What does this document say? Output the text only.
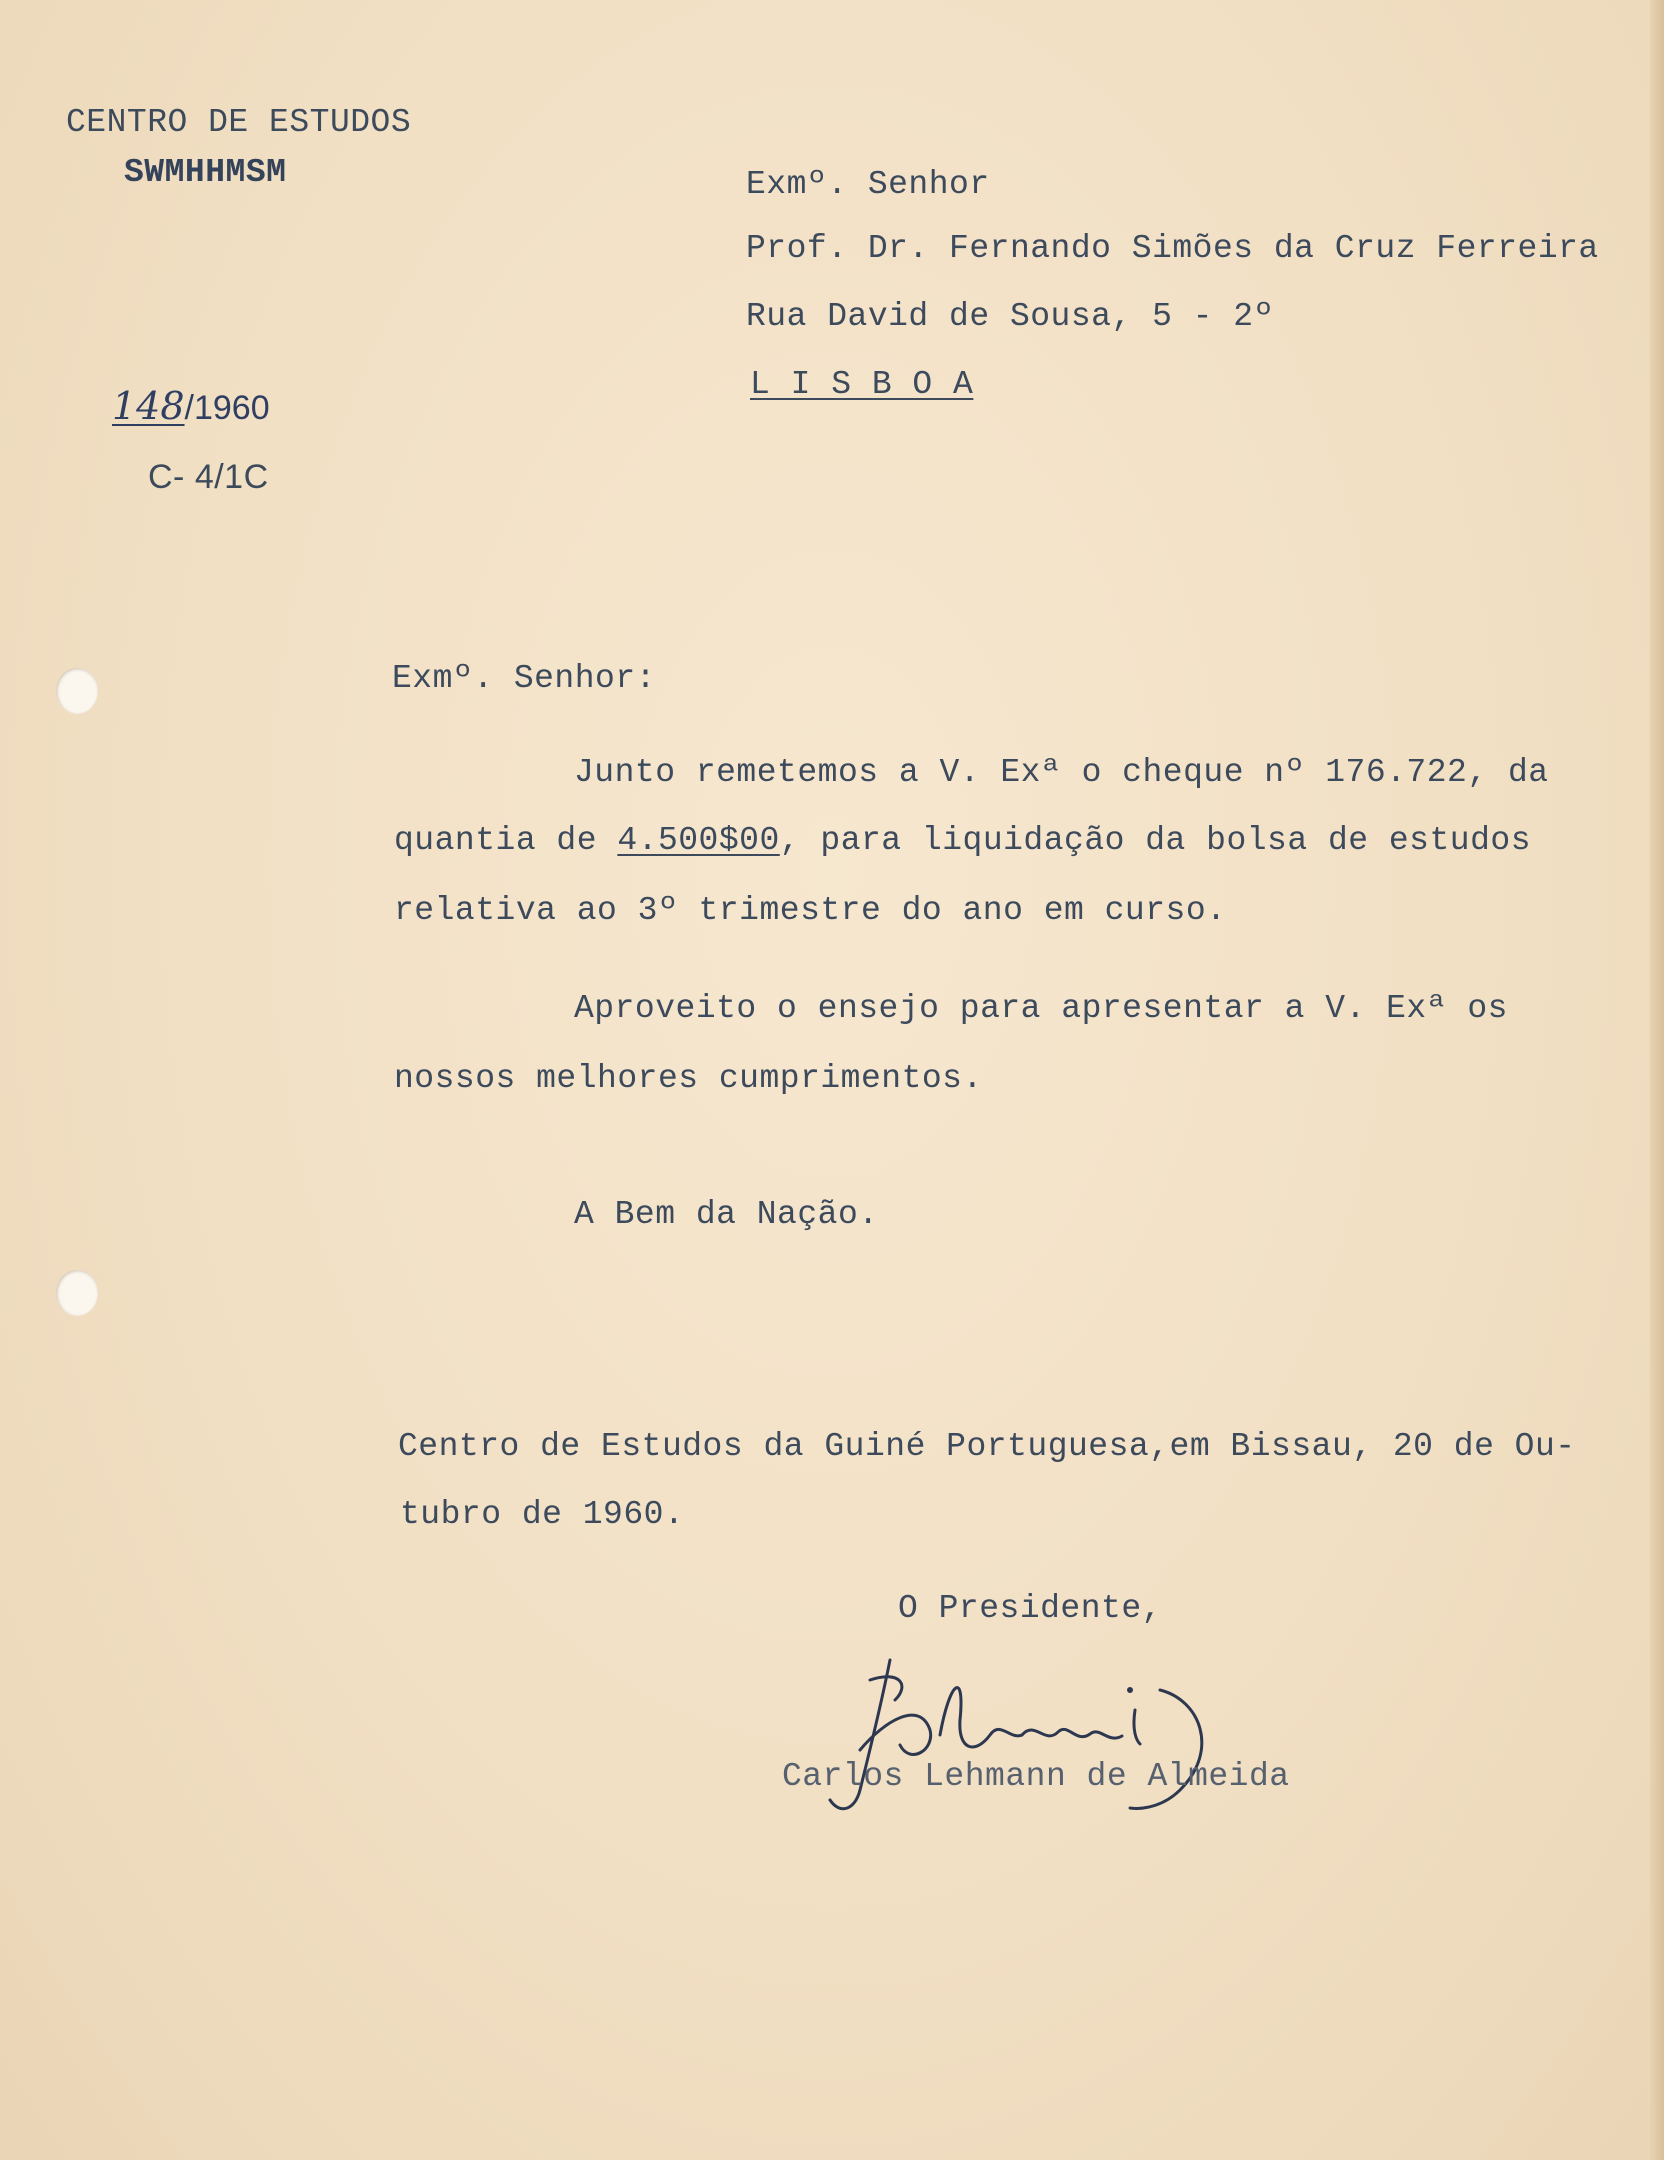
CENTRO DE ESTUDOS
SWMHHMSM	Exmº. Senhor
Prof. Dr. Fernando Simões da Cruz Ferreira
Rua David de Sousa, 5 - 2º
L I S B O A
148/1960
C- 4/1C
Exmº. Senhor:
Junto remetemos a V. Exª o cheque nº 176.722, da
quantia de 4.500$00, para liquidação da bolsa de estudos
relativa ao 3º trimestre do ano em curso.
Aproveito o ensejo para apresentar a V. Exª os
nossos melhores cumprimentos.
A Bem da Nação.
Centro de Estudos da Guiné Portuguesa,em Bissau, 20 de Ou-
tubro de 1960.
O Presidente,
Carlos Lehmann de Almeida
